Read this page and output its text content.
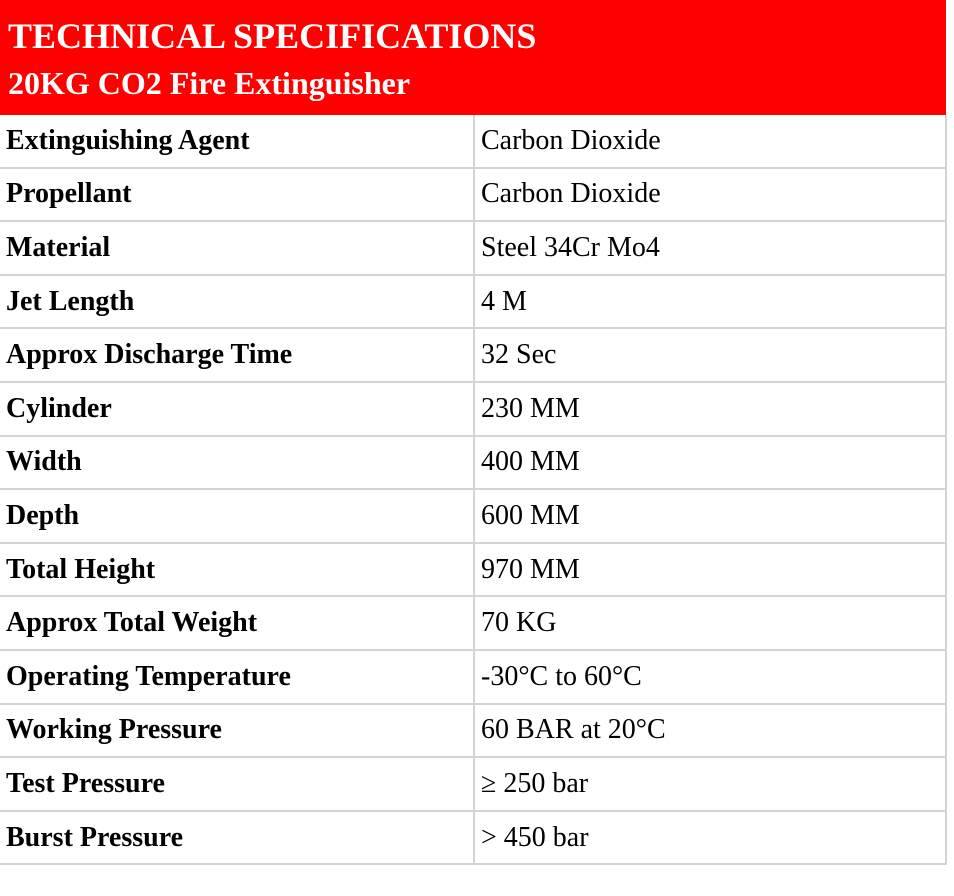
TECHNICAL SPECIFICATIONS
20KG CO2 Fire Extinguisher
Extinguishing Agent	Carbon Dioxide
Propellant	Carbon Dioxide
Material	Steel 34Cr Mo4
Jet Length	4 M
Approx Discharge Time	32 Sec
Cylinder	230 MM
Width	400 MM
Depth	600 MM
Total Height	970 MM
Approx Total Weight	70 KG
Operating Temperature	-30°C to 60°C
Working Pressure	60 BAR at 20°C
Test Pressure	≥ 250 bar
Burst Pressure	> 450 bar
